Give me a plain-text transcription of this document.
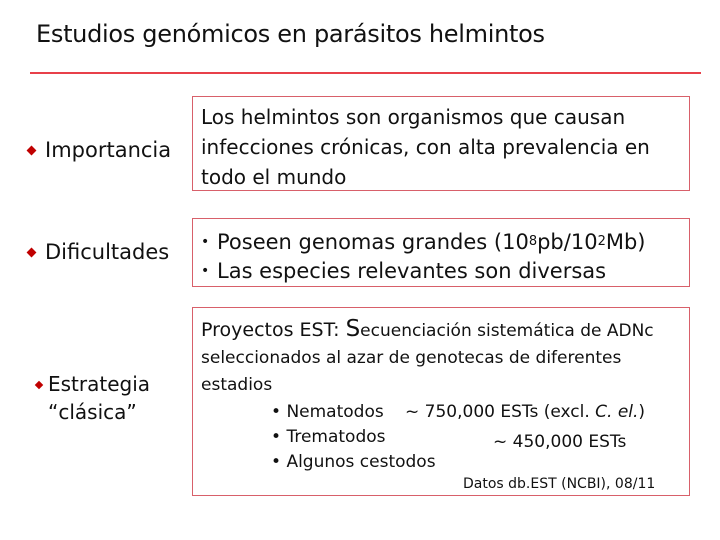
Estudios genómicos en parásitos helmintos
Importancia
Los helmintos son organismos que causan
infecciones crónicas, con alta prevalencia en
todo el mundo
Dificultades • Poseen genomas grandes (10 8 pb/10 2 Mb)
• Las especies relevantes son diversas
Estrategia
“clásica”
Proyectos EST: Secuenciación sistemática de ADNc
seleccionados al azar de genotecas de diferentes
estadios
• Nematodos
• Trematodos
• Algunos cestodos
~ 750,000 ESTs (excl. C. el.)
~ 450,000 ESTs
Datos db.EST (NCBI), 08/11
